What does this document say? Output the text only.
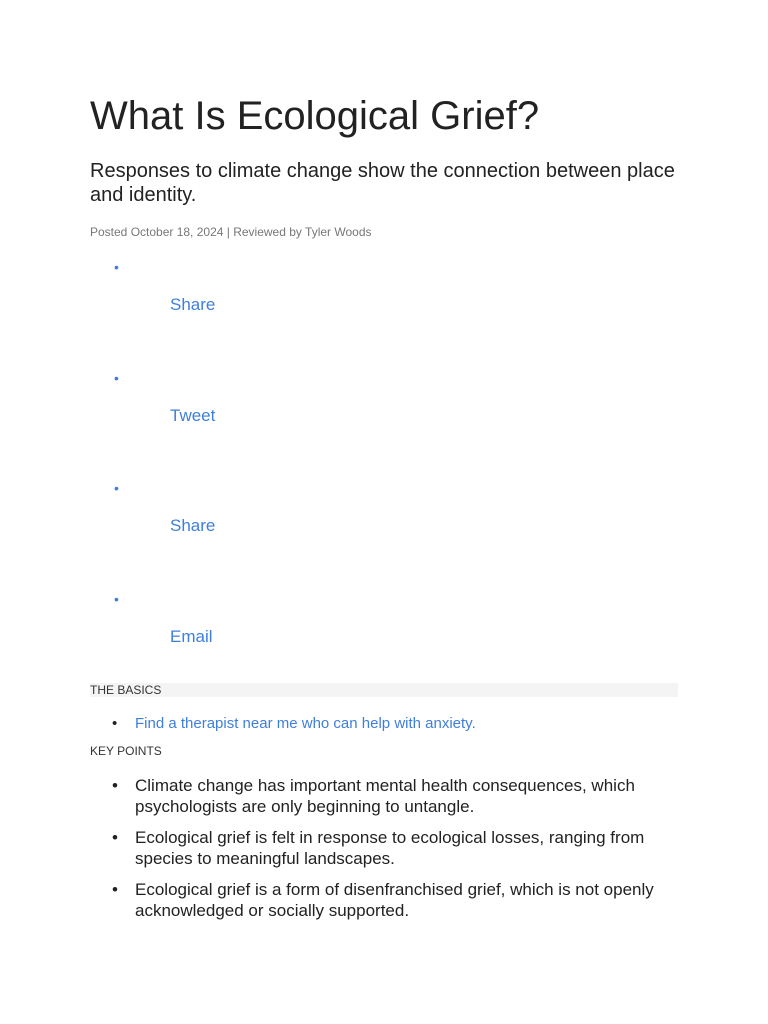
What Is Ecological Grief?
Responses to climate change show the connection between place and identity.
Posted October 18, 2024 | Reviewed by Tyler Woods
•
Share
•
Tweet
•
Share
•
Email
THE BASICS
• Find a therapist near me who can help with anxiety.
KEY POINTS
• Climate change has important mental health consequences, which psychologists are only beginning to untangle.
• Ecological grief is felt in response to ecological losses, ranging from species to meaningful landscapes.
• Ecological grief is a form of disenfranchised grief, which is not openly acknowledged or socially supported.
